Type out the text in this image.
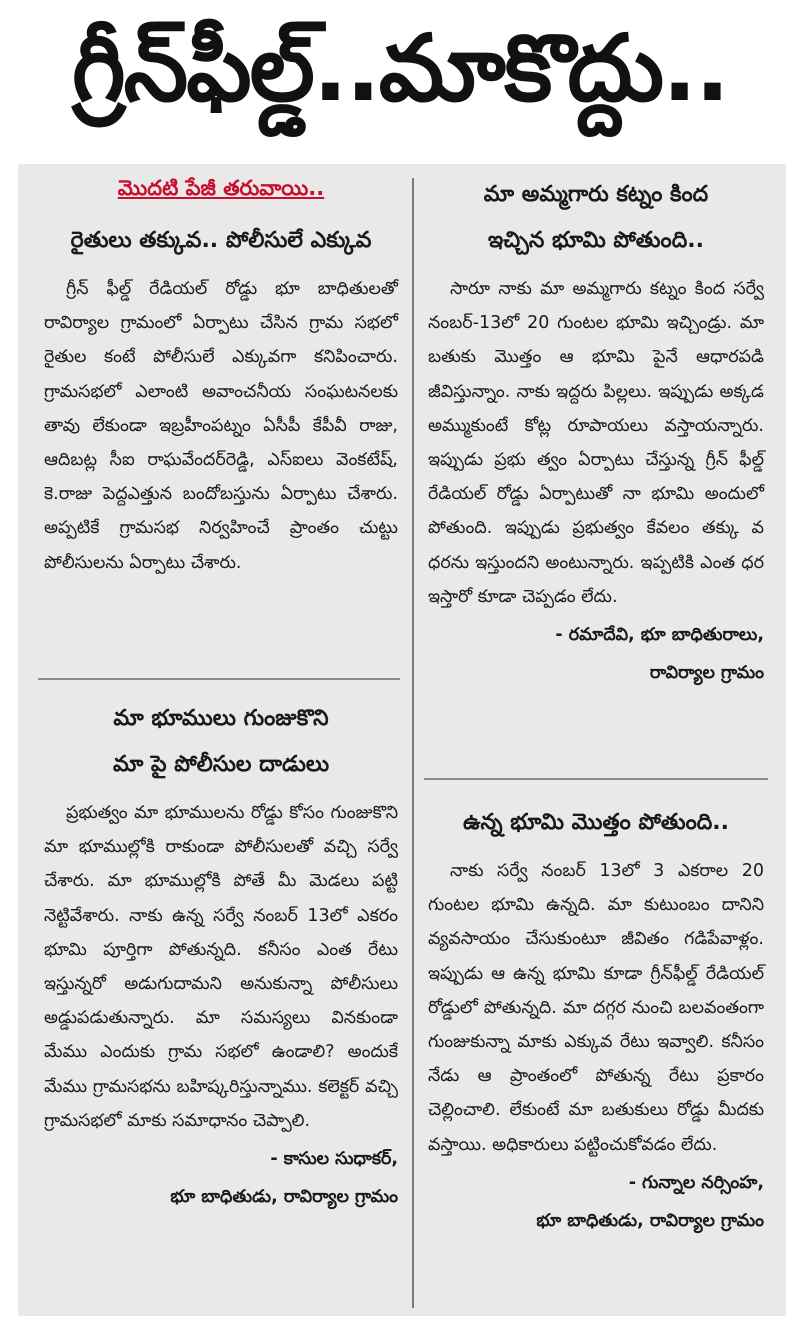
గ్రీన్‌ఫీల్డ్..మాకొద్దు..

మొదటి పేజీ తరువాయి..

రైతులు తక్కువ.. పోలీసులే ఎక్కువ

గ్రీన్ ఫీల్డ్ రేడియల్ రోడ్డు భూ బాధితులతో రావిర్యాల గ్రామంలో ఏర్పాటు చేసిన గ్రామ సభలో రైతుల కంటే పోలీసులే ఎక్కువగా కనిపించారు. గ్రామసభలో ఎలాంటి అవాంచనీయ సంఘటనలకు తావు లేకుండా ఇబ్రహీంపట్నం ఏసీపీ కేపీవీ రాజు, ఆదిబట్ల సీఐ రాఘవేందర్‌రెడ్డి, ఎస్ఐలు వెంకటేష్, కె.రాజు పెద్దఎత్తున బందోబస్తును ఏర్పాటు చేశారు. అప్పటికే గ్రామసభ నిర్వహించే ప్రాంతం చుట్టు పోలీసులను ఏర్పాటు చేశారు.

మా భూములు గుంజుకొని

మా పై పోలీసుల దాడులు

ప్రభుత్వం మా భూములను రోడ్డు కోసం గుంజుకొని మా భూముల్లోకి రాకుండా పోలీసులతో వచ్చి సర్వే చేశారు. మా భూముల్లోకి పోతే మీ మెడలు పట్టి నెట్టివేశారు. నాకు ఉన్న సర్వే నంబర్ 13లో ఎకరం భూమి పూర్తిగా పోతున్నది. కనీసం ఎంత రేటు ఇస్తున్నరో అడుగుదామని అనుకున్నా పోలీసులు అడ్డుపడుతున్నారు. మా సమస్యలు వినకుండా మేము ఎందుకు గ్రామ సభలో ఉండాలి? అందుకే మేము గ్రామసభను బహిష్కరిస్తున్నాము. కలెక్టర్ వచ్చి గ్రామసభలో మాకు సమాధానం చెప్పాలి.

- కాసుల సుధాకర్,

భూ బాధితుడు, రావిర్యాల గ్రామం

మా అమ్మగారు కట్నం కింద

ఇచ్చిన భూమి పోతుంది..

సారూ నాకు మా అమ్మగారు కట్నం కింద సర్వే నంబర్-13లో 20 గుంటల భూమి ఇచ్చిండ్రు. మా బతుకు మొత్తం ఆ భూమి పైనే ఆధారపడి జీవిస్తున్నాం. నాకు ఇద్దరు పిల్లలు. ఇప్పుడు అక్కడ అమ్ముకుంటే కోట్ల రూపాయలు వస్తాయన్నారు. ఇప్పుడు ప్రభు త్వం ఏర్పాటు చేస్తున్న గ్రీన్ ఫీల్డ్ రేడియల్ రోడ్డు ఏర్పాటుతో నా భూమి అందులో పోతుంది. ఇప్పుడు ప్రభుత్వం కేవలం తక్కు వ ధరను ఇస్తుందని అంటున్నారు. ఇప్పటికి ఎంత ధర ఇస్తారో కూడా చెప్పడం లేదు.

- రమాదేవి, భూ బాధితురాలు,

రావిర్యాల గ్రామం

ఉన్న భూమి మొత్తం పోతుంది..

నాకు సర్వే నంబర్ 13లో 3 ఎకరాల 20 గుంటల భూమి ఉన్నది. మా కుటుంబం దానిని వ్యవసాయం చేసుకుంటూ జీవితం గడిపేవాళ్లం. ఇప్పుడు ఆ ఉన్న భూమి కూడా గ్రీన్‌ఫీల్డ్ రేడియల్ రోడ్డులో పోతున్నది. మా దగ్గర నుంచి బలవంతంగా గుంజుకున్నా మాకు ఎక్కువ రేటు ఇవ్వాలి. కనీసం నేడు ఆ ప్రాంతంలో పోతున్న రేటు ప్రకారం చెల్లించాలి. లేకుంటే మా బతుకులు రోడ్డు మీదకు వస్తాయి. అధికారులు పట్టించుకోవడం లేదు.

- గున్నాల నర్సింహ,

భూ బాధితుడు, రావిర్యాల గ్రామం
